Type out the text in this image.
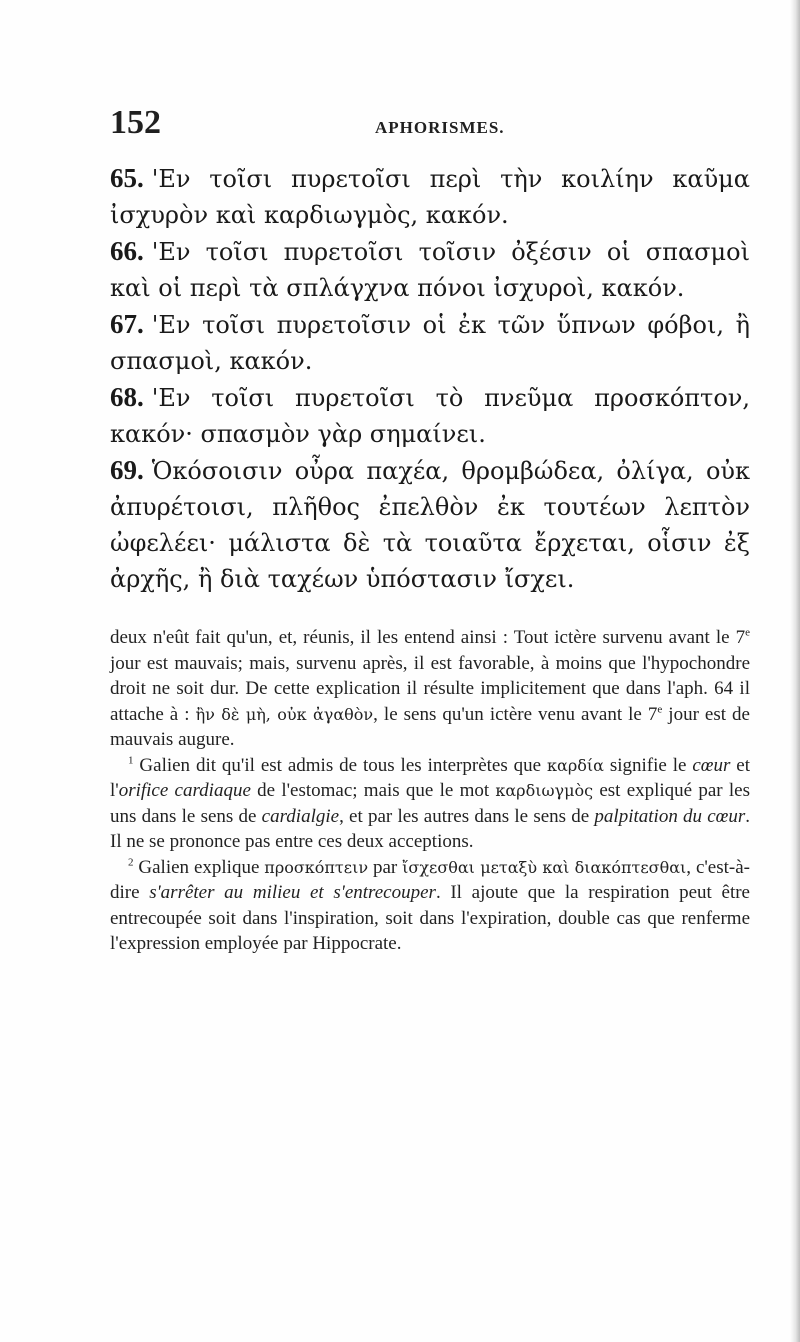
152	APHORISMES.

65. 'Εν τοῖσι πυρετοῖσι περὶ τὴν κοιλίην καῦμα ἰσχυρὸν καὶ καρδιωγμὸς, κακόν.

66. 'Εν τοῖσι πυρετοῖσι τοῖσιν ὀξέσιν οἱ σπασμοὶ καὶ οἱ περὶ τὰ σπλάγχνα πόνοι ἰσχυροὶ, κακόν.

67. 'Εν τοῖσι πυρετοῖσιν οἱ ἐκ τῶν ὕπνων φόβοι, ἢ σπασμοὶ, κακόν.

68. 'Εν τοῖσι πυρετοῖσι τὸ πνεῦμα προσκόπτον, κακόν· σπασμὸν γὰρ σημαίνει.

69. Ὁκόσοισιν οὖρα παχέα, θρομβώδεα, ὀλίγα, οὐκ ἀπυρέτοισι, πλῆθος ἐπελθὸν ἐκ τουτέων λεπτὸν ὠφελέει· μάλιστα δὲ τὰ τοιαῦτα ἔρχεται, οἷσιν ἐξ ἀρχῆς, ἢ διὰ ταχέων ὑπόστασιν ἴσχει.

deux n'eût fait qu'un, et, réunis, il les entend ainsi : Tout ictère survenu avant le 7e jour est mauvais; mais, survenu après, il est favorable, à moins que l'hypochondre droit ne soit dur. De cette explication il résulte implicitement que dans l'aph. 64 il attache à : ἢν δὲ μὴ, οὐκ ἀγαθὸν, le sens qu'un ictère venu avant le 7e jour est de mauvais augure.

$^1$ Galien dit qu'il est admis de tous les interprètes que καρδία signifie le cœur et l'orifice cardiaque de l'estomac; mais que le mot καρδιωγμὸς est expliqué par les uns dans le sens de cardialgie, et par les autres dans le sens de palpitation du cœur. Il ne se prononce pas entre ces deux acceptions.

$^2$ Galien explique προσκόπτειν par ἴσχεσθαι μεταξὺ καὶ διακόπτεσθαι, c'est-à-dire s'arrêter au milieu et s'entrecouper. Il ajoute que la respiration peut être entrecoupée soit dans l'inspiration, soit dans l'expiration, double cas que renferme l'expression employée par Hippocrate.
